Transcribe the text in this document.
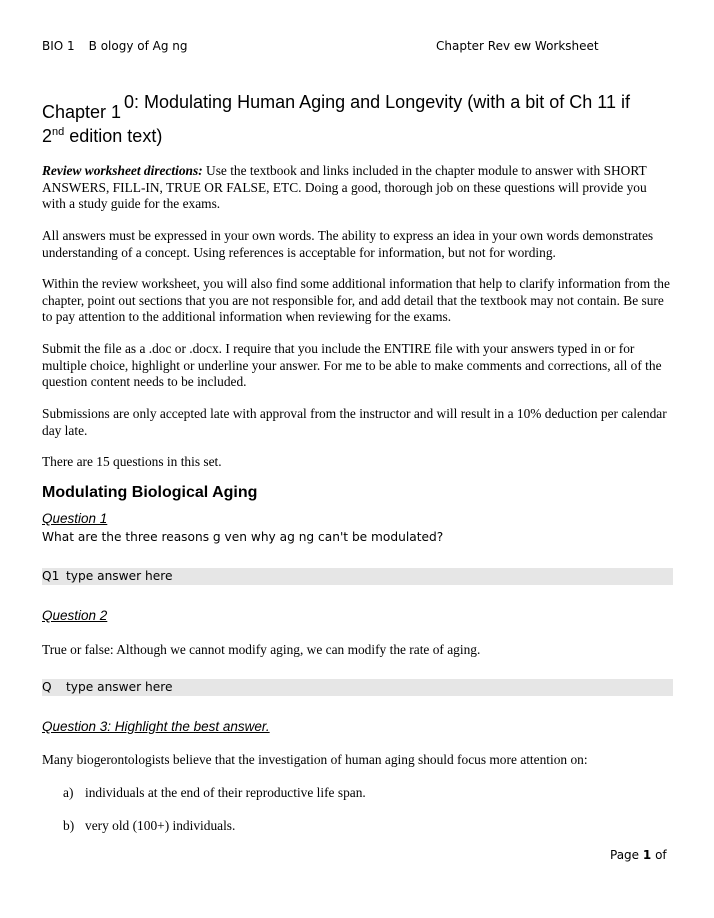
BIO 1 B ology of Ag ng	Chapter Rev ew Worksheet
Chapter 1 0: Modulating Human Aging and Longevity (with a bit of Ch 11 if
2nd edition text)

Review worksheet directions: Use the textbook and links included in the chapter module to answer with SHORT ANSWERS, FILL-IN, TRUE OR FALSE, ETC. Doing a good, thorough job on these questions will provide you with a study guide for the exams.

All answers must be expressed in your own words. The ability to express an idea in your own words demonstrates understanding of a concept. Using references is acceptable for information, but not for wording.

Within the review worksheet, you will also find some additional information that help to clarify information from the chapter, point out sections that you are not responsible for, and add detail that the textbook may not contain. Be sure to pay attention to the additional information when reviewing for the exams.

Submit the file as a .doc or .docx. I require that you include the ENTIRE file with your answers typed in or for multiple choice, highlight or underline your answer. For me to be able to make comments and corrections, all of the question content needs to be included.

Submissions are only accepted late with approval from the instructor and will result in a 10% deduction per calendar day late.

There are 15 questions in this set.

Modulating Biological Aging
Question 1
What are the three reasons g ven why ag ng can't be modulated?
Q1 type answer here
Question 2
True or false: Although we cannot modify aging, we can modify the rate of aging.
Q type answer here
Question 3: Highlight the best answer.
Many biogerontologists believe that the investigation of human aging should focus more attention on:
a) individuals at the end of their reproductive life span.
b) very old (100+) individuals.
Page 1 of
